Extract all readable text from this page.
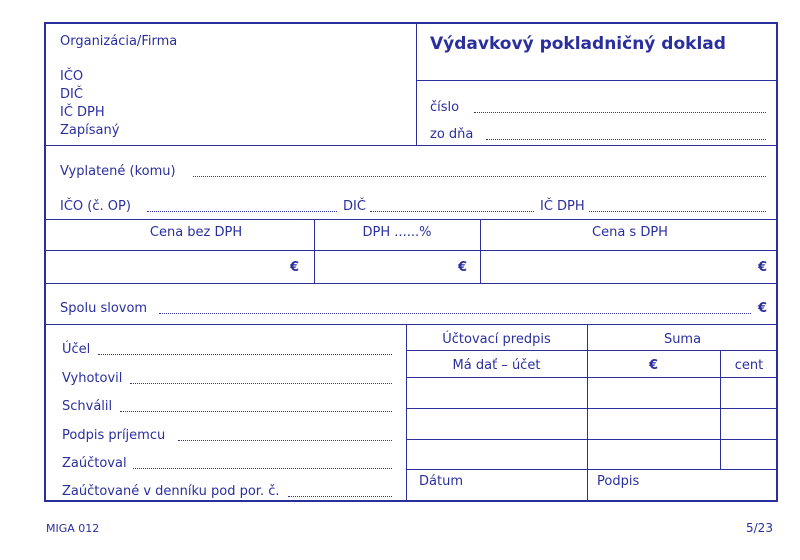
Organizácia/Firma
IČO
DIČ
IČ DPH
Zapísaný
Výdavkový pokladničný doklad
číslo
zo dňa
Vyplatené (komu)
IČO (č. OP)	DIČ	IČ DPH
Cena bez DPH	DPH ......%	Cena s DPH
€	€	€
Spolu slovom	€
Účel
Vyhotovil
Schválil
Podpis príjemcu
Zaúčtoval
Zaúčtované v denníku pod por. č.
Účtovací predpis	Suma
Má dať – účet	€	cent
Dátum	Podpis
MIGA 012	5/23
